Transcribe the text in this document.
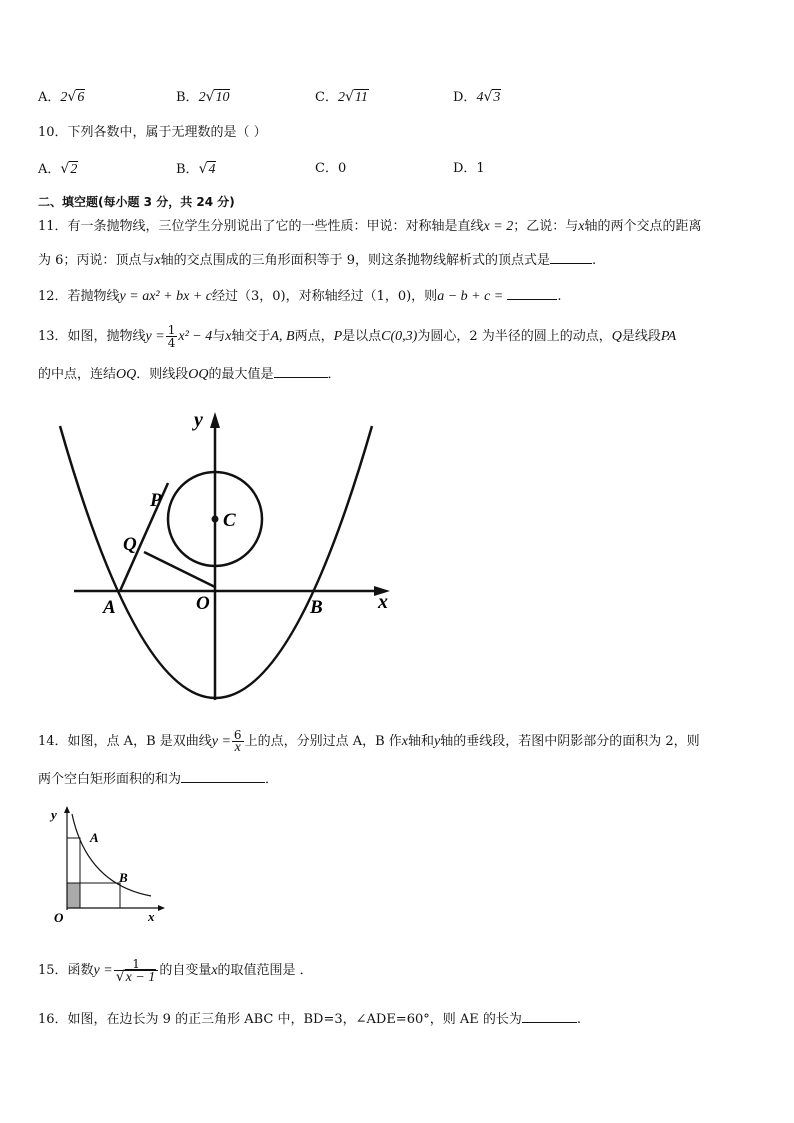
A．2√6	B．2√10	C．2√11	D．4√3
10．下列各数中，属于无理数的是（ ）
A．√2	B．√4	C．0	D．1
二、填空题(每小题 3 分，共 24 分)
11．有一条抛物线，三位学生分别说出了它的一些性质：甲说：对称轴是直线x = 2；乙说：与x轴的两个交点的距离
为 6；丙说：顶点与x轴的交点围成的三角形面积等于 9，则这条抛物线解析式的顶点式是	.
12．若抛物线y = ax² + bx + c经过（3，0)，对称轴经过（1，0)，则a − b + c =	.
13．如图，抛物线$y = \frac{1}{4} x^2 - 4$与x轴交于A, B两点，P是以点C(0,3)为圆心，2 为半径的圆上的动点，Q是线段PA
的中点，连结OQ．则线段OQ的最大值是	．
y
x
P
C
Q
A	O	B
14．如图，点 A，B 是双曲线$y = \frac{6}{x}$ 上的点，分别过点 A，B 作x轴和y轴的垂线段，若图中阴影部分的面积为 2，则
两个空白矩形面积的和为	．
A
B
y
O	x
15．函数$y = \frac{1}{√x - 1}$ 的自变量x的取值范围是 ．
16．如图，在边长为 9 的正三角形 ABC 中，BD=3，∠ADE=60°，则 AE 的长为	.
